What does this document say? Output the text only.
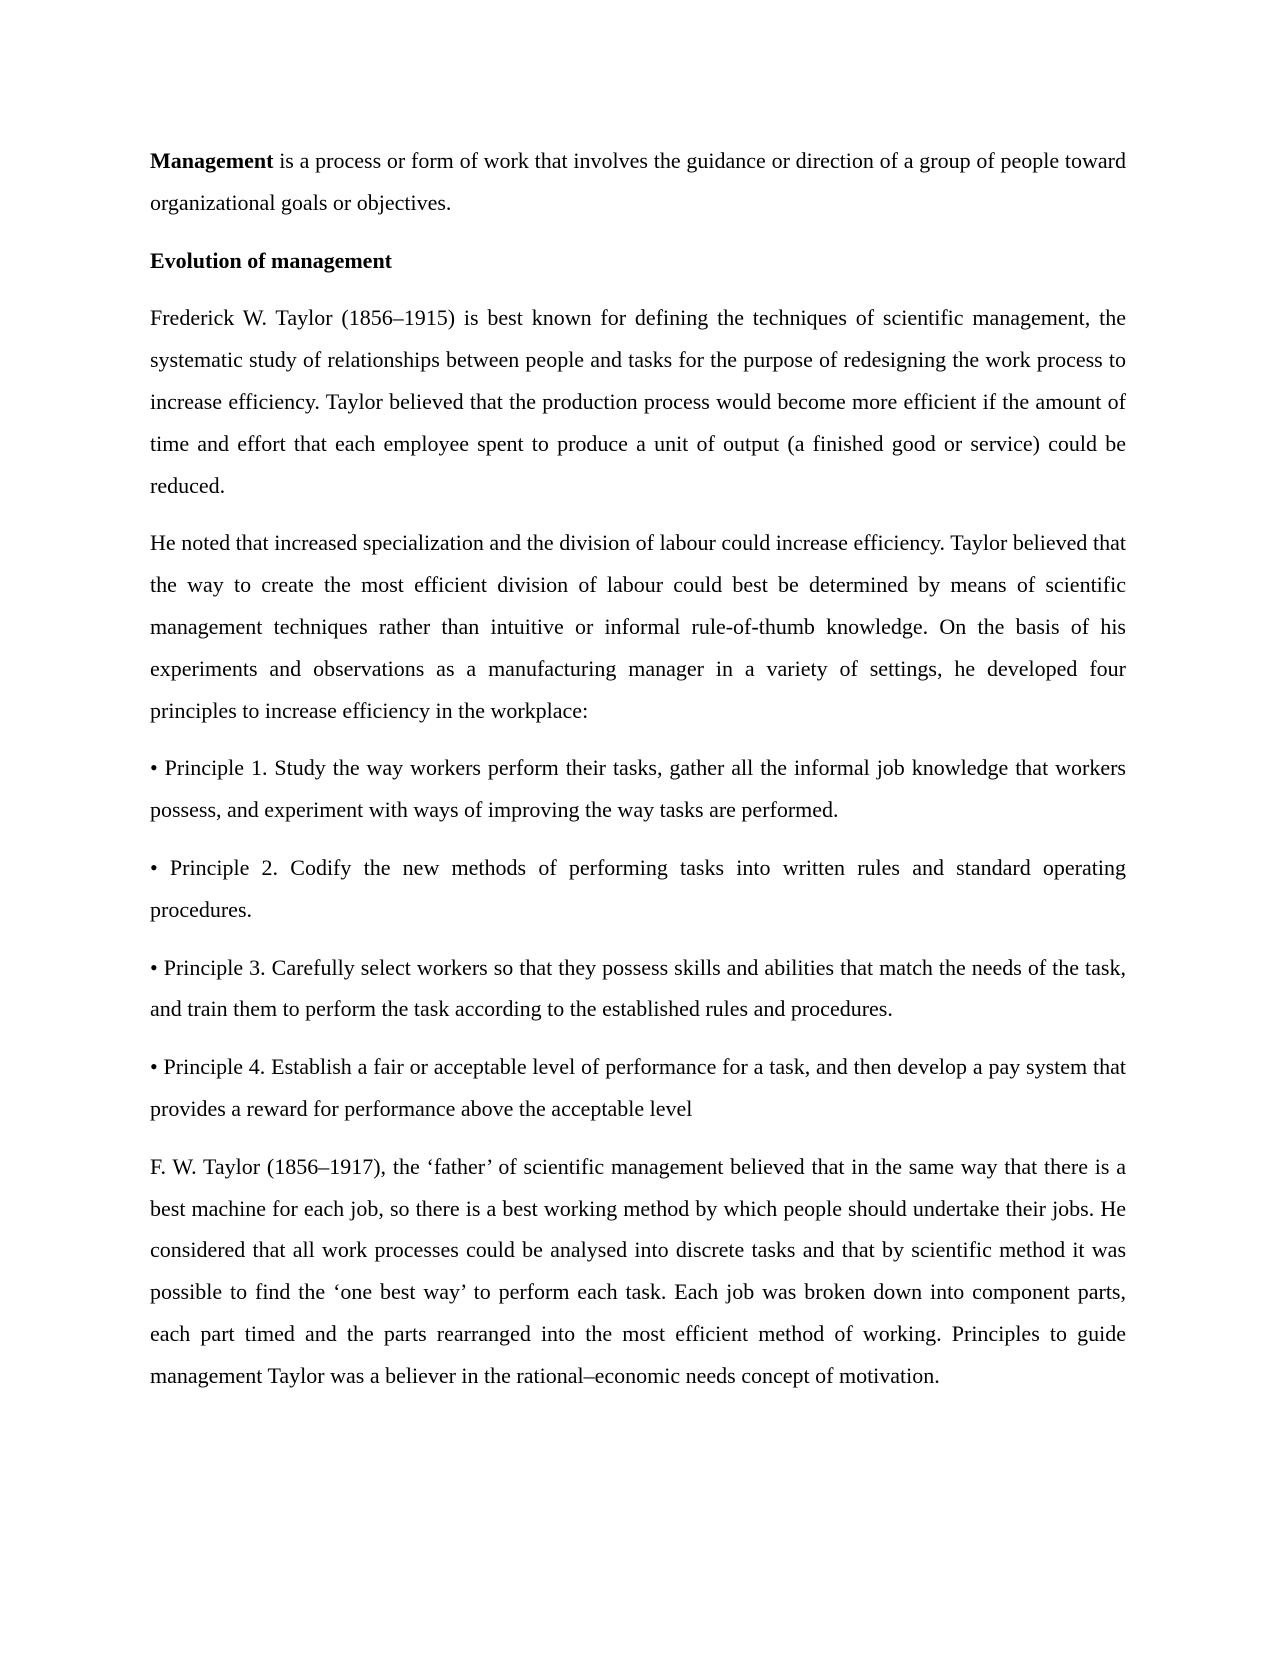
Management is a process or form of work that involves the guidance or direction of a group of people toward organizational goals or objectives.

Evolution of management

Frederick W. Taylor (1856–1915) is best known for defining the techniques of scientific management, the systematic study of relationships between people and tasks for the purpose of redesigning the work process to increase efficiency. Taylor believed that the production process would become more efficient if the amount of time and effort that each employee spent to produce a unit of output (a finished good or service) could be reduced.

He noted that increased specialization and the division of labour could increase efficiency. Taylor believed that the way to create the most efficient division of labour could best be determined by means of scientific management techniques rather than intuitive or informal rule-of-thumb knowledge. On the basis of his experiments and observations as a manufacturing manager in a variety of settings, he developed four principles to increase efficiency in the workplace:

• Principle 1. Study the way workers perform their tasks, gather all the informal job knowledge that workers possess, and experiment with ways of improving the way tasks are performed.

• Principle 2. Codify the new methods of performing tasks into written rules and standard operating procedures.

• Principle 3. Carefully select workers so that they possess skills and abilities that match the needs of the task, and train them to perform the task according to the established rules and procedures.

• Principle 4. Establish a fair or acceptable level of performance for a task, and then develop a pay system that provides a reward for performance above the acceptable level

F. W. Taylor (1856–1917), the ‘father’ of scientific management believed that in the same way that there is a best machine for each job, so there is a best working method by which people should undertake their jobs. He considered that all work processes could be analysed into discrete tasks and that by scientific method it was possible to find the ‘one best way’ to perform each task. Each job was broken down into component parts, each part timed and the parts rearranged into the most efficient method of working. Principles to guide management Taylor was a believer in the rational–economic needs concept of motivation.
